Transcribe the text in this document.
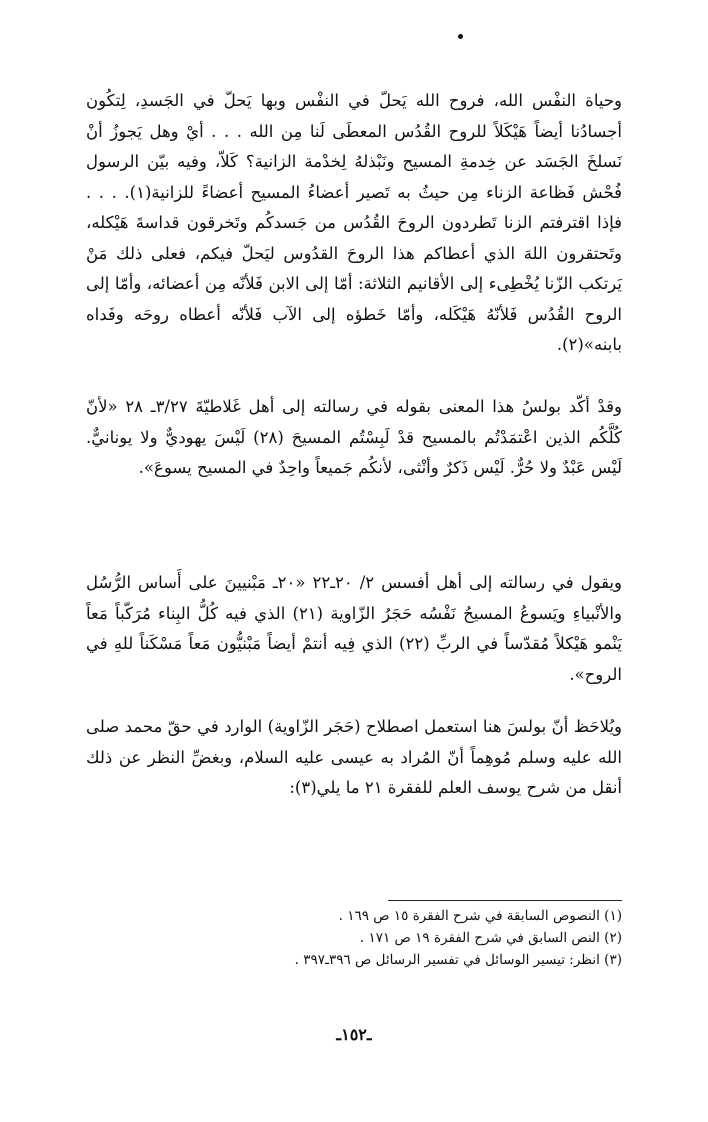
وحياة النفْس الله، فروح الله يَحلّ في النفْس وبها يَحلّ في الجَسدِ، لِتكُون أجسادُنا أيضاً هَيْكَلاً للروح القُدُس المعطَى لَنا مِن الله . . . أيْ وهل يَجوزُ أنْ نَسلخَ الجَسَد عن خِدمةِ المسيح ونَبْذلهُ لِخدْمة الزانية؟ كَلاّ، وفيه بيّن الرسول فُحْش فَظاعة الزناء مِن حيثُ به تَصير أعضاءُ المسيح أعضاءً للزانية(١). . . . فإذا اقترفتم الزنا تَطردون الروحَ القُدُس من جَسدكُم وتَخرقون قداسةَ هَيْكله، وتَحتقرون اللهَ الذي أعطاكم هذا الروحَ القدُوس ليَحلّ فيكم، فعلى ذلك مَنْ يَرتكب الزّنا يُخْطِىء إلى الأقانيم الثلاثة: أمّا إلى الابن فَلأنّه مِن أعضائه، وأمّا إلى الروح القُدُس فَلأنّهُ هَيْكَله، وأمّا خَطؤه إلى الآب فَلأنّه أعطاه روحَه وفَداه بابنه»(٢).

وقدْ أكّد بولسُ هذا المعنى بقوله في رسالته إلى أهل غَلاطيّةَ ٣/٢٧ـ ٢٨ «لأنّ كُلَّكُم الذين اعْتمَدْتُم بالمسيح قدْ لَبِسْتُم المسيحَ (٢٨) لَيْسَ يهوديٌّ ولا يونانيٌّ. لَيْس عَبْدٌ ولا حُرٌّ. لَيْس ذَكرٌ وأنْثى، لأنكُم جَميعاً واحِدٌ في المسيح يسوعَ».

ويقول في رسالته إلى أهل أفسس ٢/ ٢٠ـ٢٢ «٢٠ـ مَبْنيينَ على أَساس الرُّسُل والأنْبياءِ ويَسوعُ المسيحُ نَفْسُه حَجَرُ الزّاوية (٢١) الذي فيه كُلُّ البِناء مُرَكّباً مَعاً يَنْمو هَيْكلاً مُقدّساً في الربِّ (٢٢) الذي فِيه أنتمْ أيضاً مَبْنيُّون مَعاً مَسْكَناً للهِ في الروح».

ويُلاحَظ أنّ بولسَ هنا استعمل اصطلاح (حَجَر الزّاوية) الوارد في حقّ محمد صلى الله عليه وسلم مُوهِماً أنّ المُراد به عيسى عليه السلام، وبغضِّ النظر عن ذلك أنقل من شرح يوسف العلم للفقرة ٢١ ما يلي(٣):

(١) النصوص السابقة في شرح الفقرة ١٥ ص ١٦٩ .
(٢) النص السابق في شرح الفقرة ١٩ ص ١٧١ .
(٣) انظر: تيسير الوسائل في تفسير الرسائل ص ٣٩٦ـ٣٩٧ .
ـ١٥٢ـ
